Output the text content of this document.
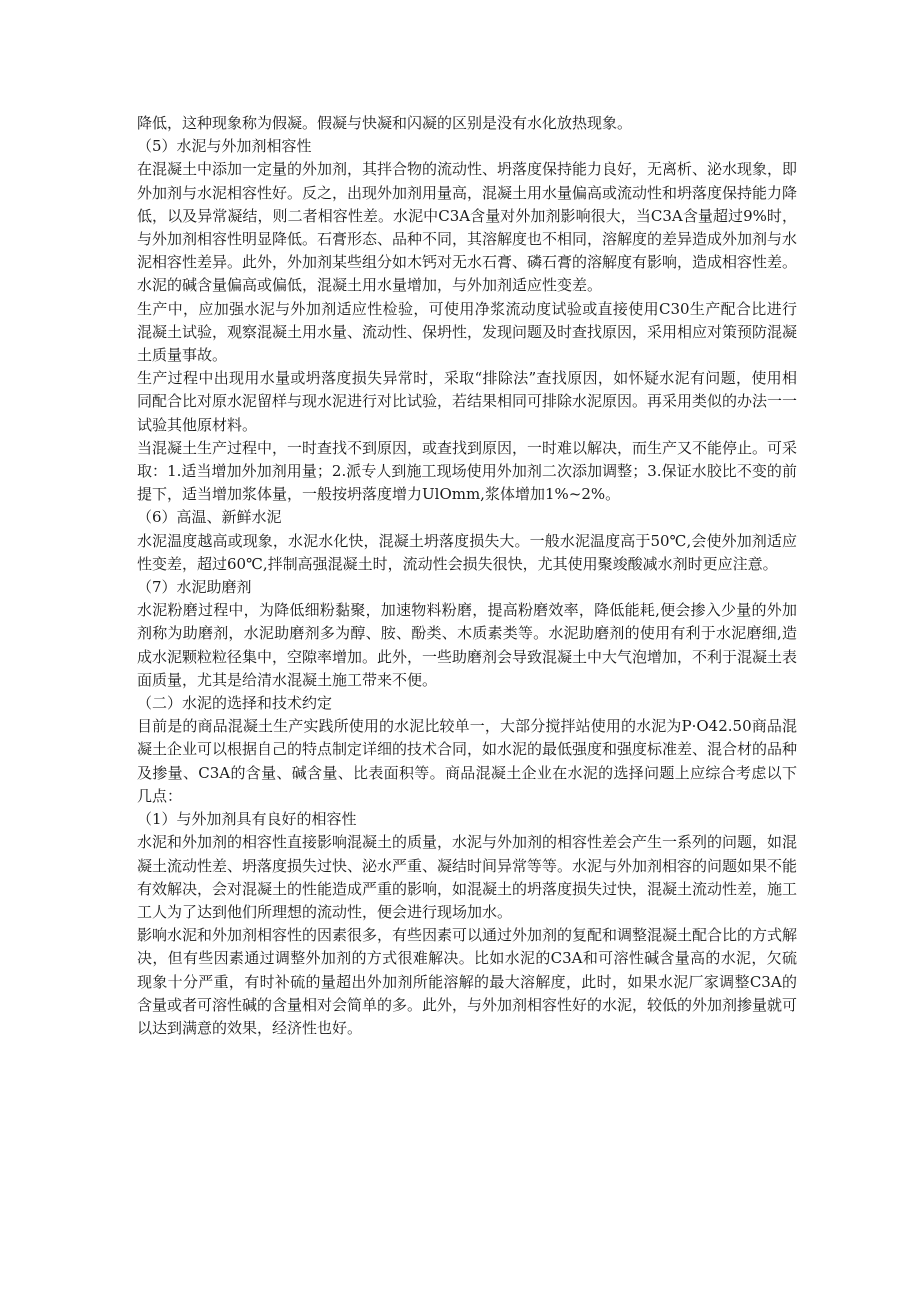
降低，这种现象称为假凝。假凝与快凝和闪凝的区别是没有水化放热现象。

（5）水泥与外加剂相容性

在混凝土中添加一定量的外加剂，其拌合物的流动性、坍落度保持能力良好，无离析、泌水现象，即外加剂与水泥相容性好。反之，出现外加剂用量高，混凝土用水量偏高或流动性和坍落度保持能力降低，以及异常凝结，则二者相容性差。水泥中C3A含量对外加剂影响很大，当C3A含量超过9%时，与外加剂相容性明显降低。石膏形态、品种不同，其溶解度也不相同，溶解度的差异造成外加剂与水泥相容性差异。此外，外加剂某些组分如木钙对无水石膏、磷石膏的溶解度有影响，造成相容性差。水泥的碱含量偏高或偏低，混凝土用水量增加，与外加剂适应性变差。

生产中，应加强水泥与外加剂适应性检验，可使用净浆流动度试验或直接使用C30生产配合比进行混凝土试验，观察混凝土用水量、流动性、保坍性，发现问题及时查找原因，采用相应对策预防混凝土质量事故。

生产过程中出现用水量或坍落度损失异常时，采取“排除法”查找原因，如怀疑水泥有问题，使用相同配合比对原水泥留样与现水泥进行对比试验，若结果相同可排除水泥原因。再采用类似的办法一一试验其他原材料。

当混凝土生产过程中，一时查找不到原因，或查找到原因，一时难以解决，而生产又不能停止。可采取：1.适当增加外加剂用量；2.派专人到施工现场使用外加剂二次添加调整；3.保证水胶比不变的前提下，适当增加浆体量，一般按坍落度增力UlOmm,浆体增加1%~2%。

（6）高温、新鲜水泥

水泥温度越高或现象，水泥水化快，混凝土坍落度损失大。一般水泥温度高于50℃,会使外加剂适应性变差，超过60℃,拌制高强混凝土时，流动性会损失很快，尤其使用聚竣酸减水剂时更应注意。

（7）水泥助磨剂

水泥粉磨过程中，为降低细粉黏聚，加速物料粉磨，提高粉磨效率，降低能耗,便会掺入少量的外加剂称为助磨剂，水泥助磨剂多为醇、胺、酚类、木质素类等。水泥助磨剂的使用有利于水泥磨细,造成水泥颗粒粒径集中，空隙率增加。此外，一些助磨剂会导致混凝土中大气泡增加，不利于混凝土表面质量，尤其是给清水混凝土施工带来不便。

（二）水泥的选择和技术约定

目前是的商品混凝土生产实践所使用的水泥比较单一，大部分搅拌站使用的水泥为P·O42.50商品混凝土企业可以根据自己的特点制定详细的技术合同，如水泥的最低强度和强度标准差、混合材的品种及掺量、C3A的含量、碱含量、比表面积等。商品混凝土企业在水泥的选择问题上应综合考虑以下几点：

（1）与外加剂具有良好的相容性

水泥和外加剂的相容性直接影响混凝土的质量，水泥与外加剂的相容性差会产生一系列的问题，如混凝土流动性差、坍落度损失过快、泌水严重、凝结时间异常等等。水泥与外加剂相容的问题如果不能有效解决，会对混凝土的性能造成严重的影响，如混凝土的坍落度损失过快，混凝土流动性差，施工工人为了达到他们所理想的流动性，便会进行现场加水。

影响水泥和外加剂相容性的因素很多，有些因素可以通过外加剂的复配和调整混凝土配合比的方式解决，但有些因素通过调整外加剂的方式很难解决。比如水泥的C3A和可溶性碱含量高的水泥，欠硫现象十分严重，有时补硫的量超出外加剂所能溶解的最大溶解度，此时，如果水泥厂家调整C3A的含量或者可溶性碱的含量相对会简单的多。此外，与外加剂相容性好的水泥，较低的外加剂掺量就可以达到满意的效果，经济性也好。
